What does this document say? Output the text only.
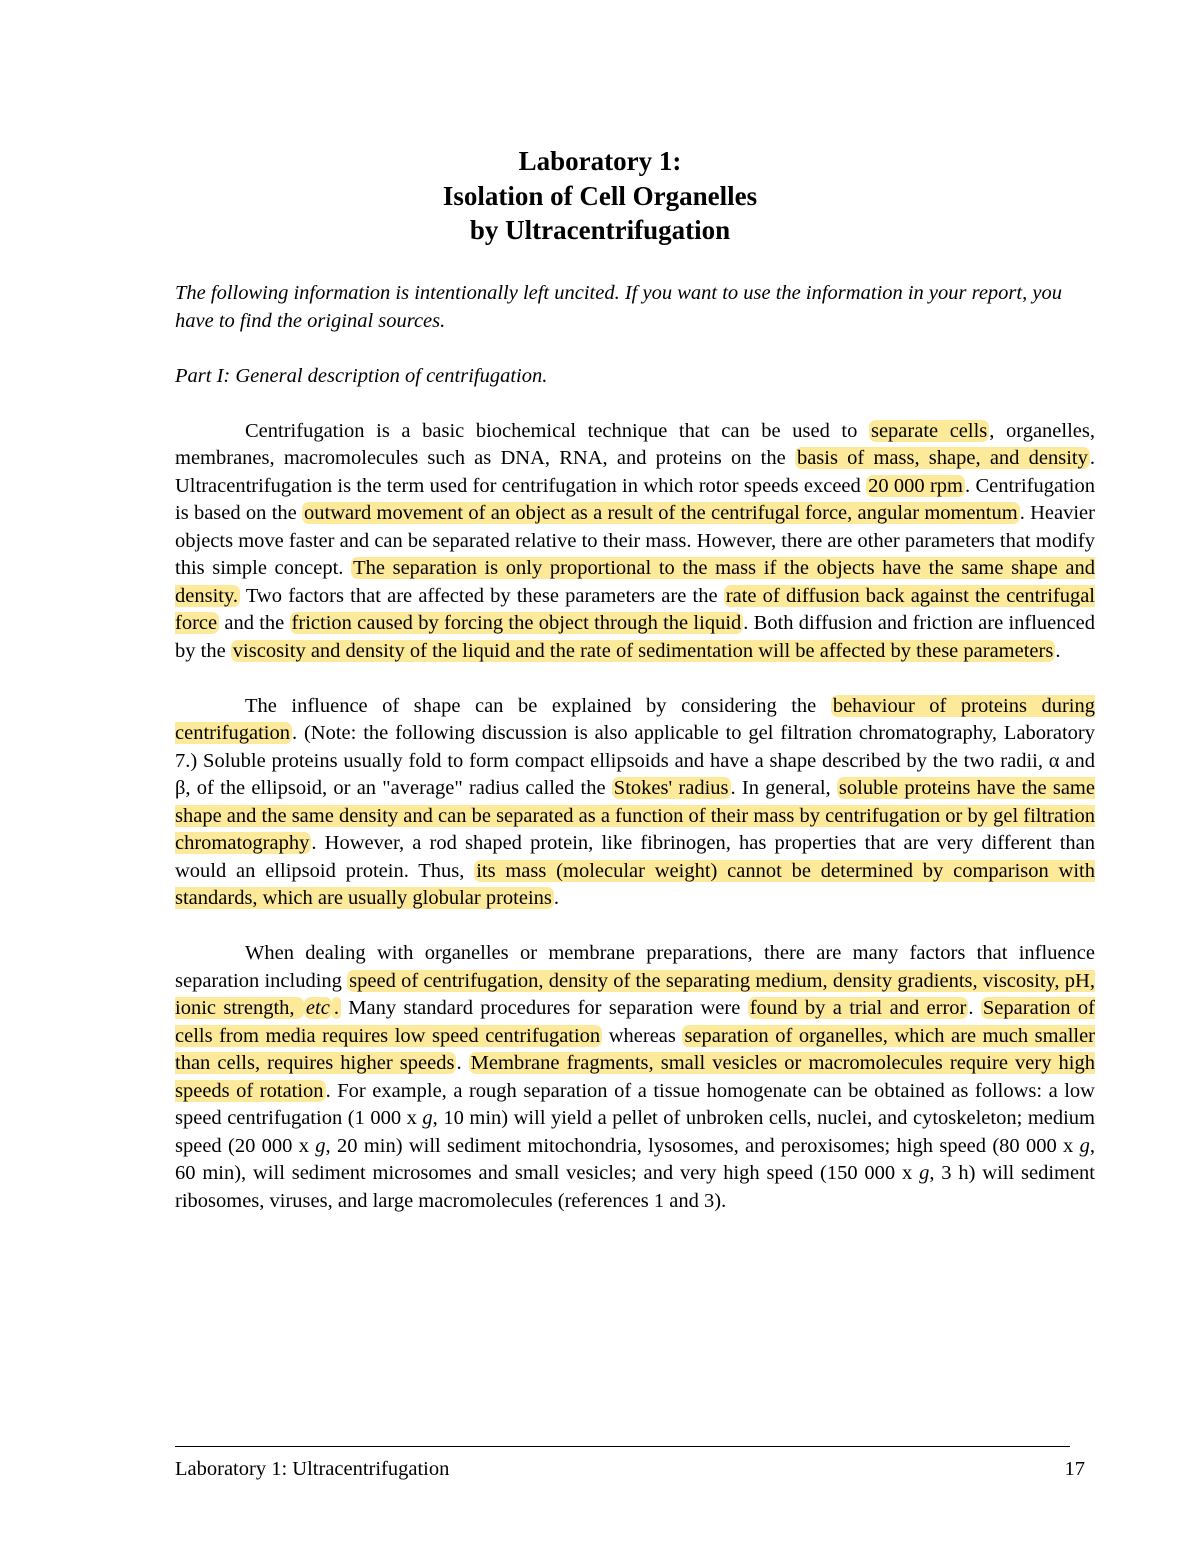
Laboratory 1:
Isolation of Cell Organelles
by Ultracentrifugation

The following information is intentionally left uncited. If you want to use the information in your report, you have to find the original sources.

Part I: General description of centrifugation.

Centrifugation is a basic biochemical technique that can be used to separate cells, organelles, membranes, macromolecules such as DNA, RNA, and proteins on the basis of mass, shape, and density. Ultracentrifugation is the term used for centrifugation in which rotor speeds exceed 20 000 rpm. Centrifugation is based on the outward movement of an object as a result of the centrifugal force, angular momentum. Heavier objects move faster and can be separated relative to their mass. However, there are other parameters that modify this simple concept. The separation is only proportional to the mass if the objects have the same shape and density. Two factors that are affected by these parameters are the rate of diffusion back against the centrifugal force and the friction caused by forcing the object through the liquid. Both diffusion and friction are influenced by the viscosity and density of the liquid and the rate of sedimentation will be affected by these parameters.

The influence of shape can be explained by considering the behaviour of proteins during centrifugation. (Note: the following discussion is also applicable to gel filtration chromatography, Laboratory 7.) Soluble proteins usually fold to form compact ellipsoids and have a shape described by the two radii, α and β, of the ellipsoid, or an "average" radius called the Stokes' radius. In general, soluble proteins have the same shape and the same density and can be separated as a function of their mass by centrifugation or by gel filtration chromatography. However, a rod shaped protein, like fibrinogen, has properties that are very different than would an ellipsoid protein. Thus, its mass (molecular weight) cannot be determined by comparison with standards, which are usually globular proteins.

When dealing with organelles or membrane preparations, there are many factors that influence separation including speed of centrifugation, density of the separating medium, density gradients, viscosity, pH, ionic strength, etc . Many standard procedures for separation were found by a trial and error. Separation of cells from media requires low speed centrifugation whereas separation of organelles, which are much smaller than cells, requires higher speeds. Membrane fragments, small vesicles or macromolecules require very high speeds of rotation. For example, a rough separation of a tissue homogenate can be obtained as follows: a low speed centrifugation (1 000 x g, 10 min) will yield a pellet of unbroken cells, nuclei, and cytoskeleton; medium speed (20 000 x g, 20 min) will sediment mitochondria, lysosomes, and peroxisomes; high speed (80 000 x g, 60 min), will sediment microsomes and small vesicles; and very high speed (150 000 x g, 3 h) will sediment ribosomes, viruses, and large macromolecules (references 1 and 3).

Laboratory 1: Ultracentrifugation	17
